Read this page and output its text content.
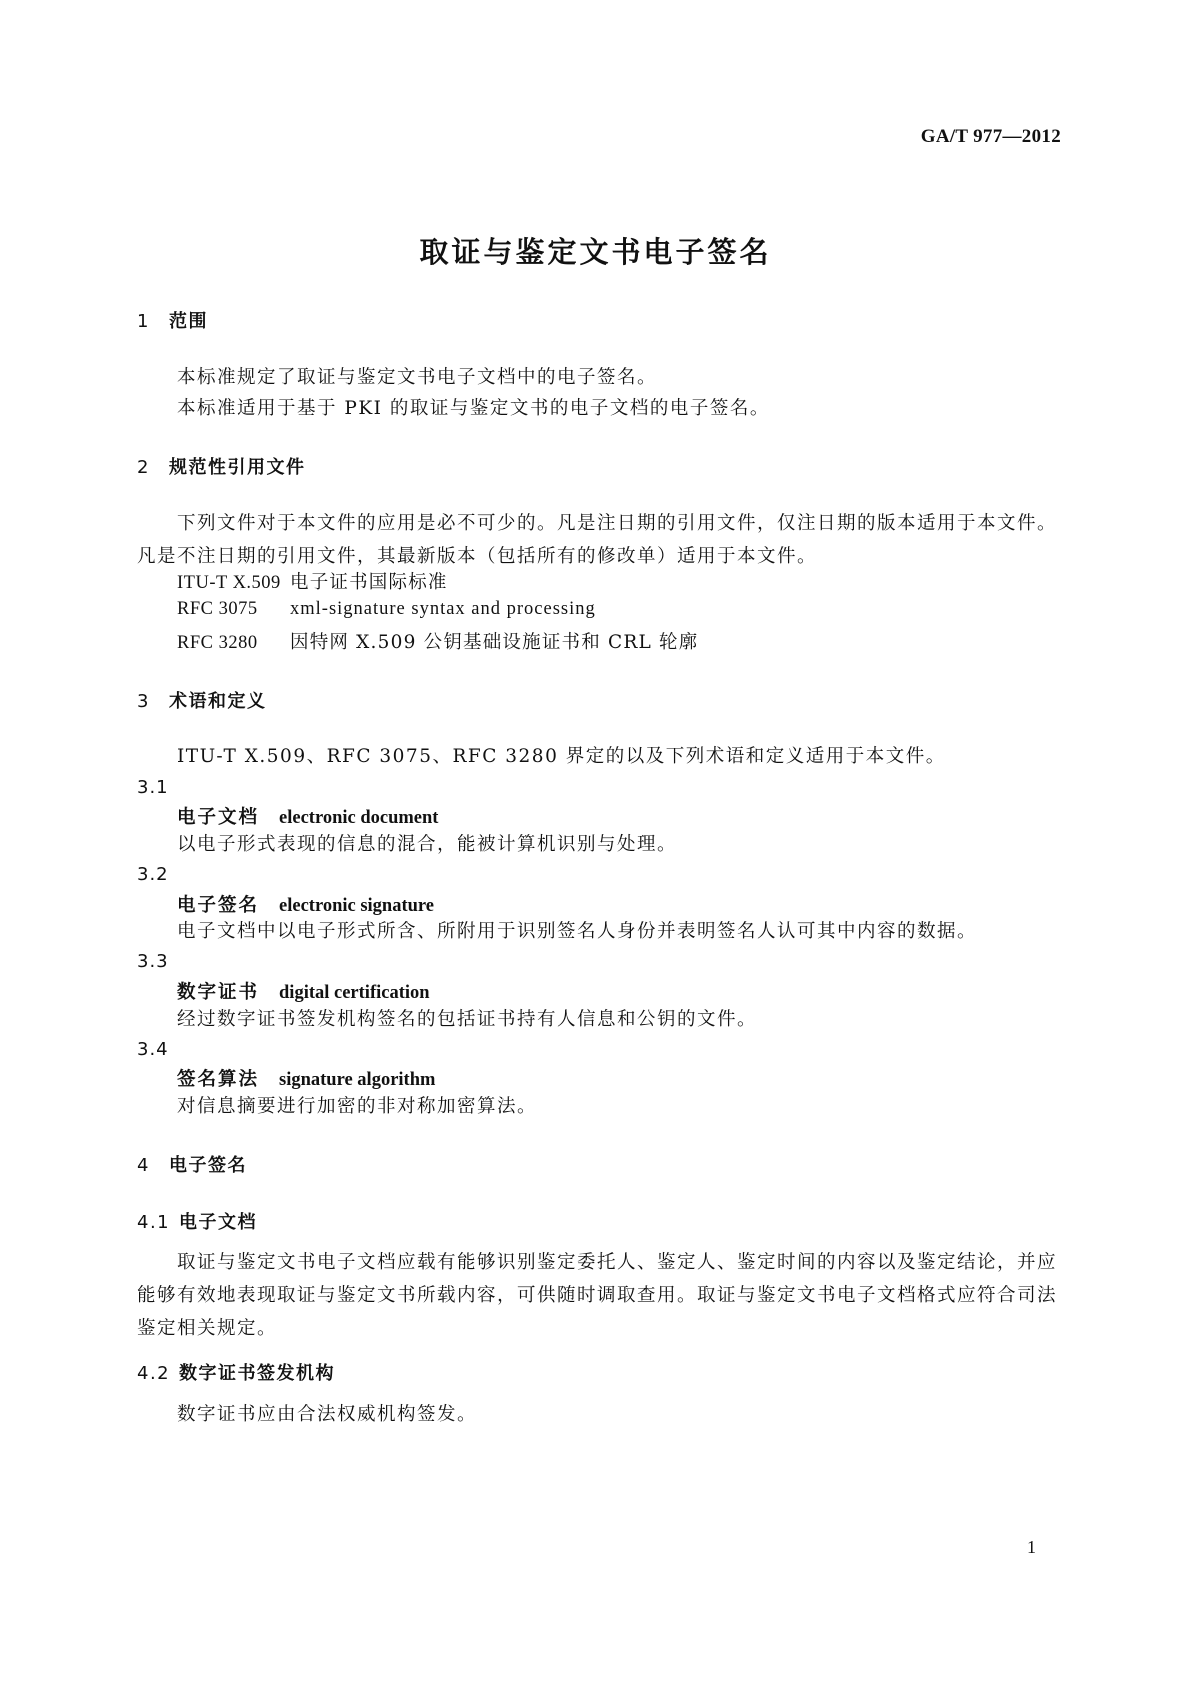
GA/T 977—2012
取证与鉴定文书电子签名
1 范围
本标准规定了取证与鉴定文书电子文档中的电子签名。
本标准适用于基于 PKI 的取证与鉴定文书的电子文档的电子签名。
2 规范性引用文件
下列文件对于本文件的应用是必不可少的。凡是注日期的引用文件，仅注日期的版本适用于本文件。凡是不注日期的引用文件，其最新版本（包括所有的修改单）适用于本文件。
ITU-T X.509 电子证书国际标准
RFC 3075 xml-signature syntax and processing
RFC 3280 因特网 X.509 公钥基础设施证书和 CRL 轮廓
3 术语和定义
ITU-T X.509、RFC 3075、RFC 3280 界定的以及下列术语和定义适用于本文件。
3.1
电子文档 electronic document
以电子形式表现的信息的混合，能被计算机识别与处理。
3.2
电子签名 electronic signature
电子文档中以电子形式所含、所附用于识别签名人身份并表明签名人认可其中内容的数据。
3.3
数字证书 digital certification
经过数字证书签发机构签名的包括证书持有人信息和公钥的文件。
3.4
签名算法 signature algorithm
对信息摘要进行加密的非对称加密算法。
4 电子签名
4.1 电子文档
取证与鉴定文书电子文档应载有能够识别鉴定委托人、鉴定人、鉴定时间的内容以及鉴定结论，并应能够有效地表现取证与鉴定文书所载内容，可供随时调取查用。取证与鉴定文书电子文档格式应符合司法鉴定相关规定。
4.2 数字证书签发机构
数字证书应由合法权威机构签发。
1
